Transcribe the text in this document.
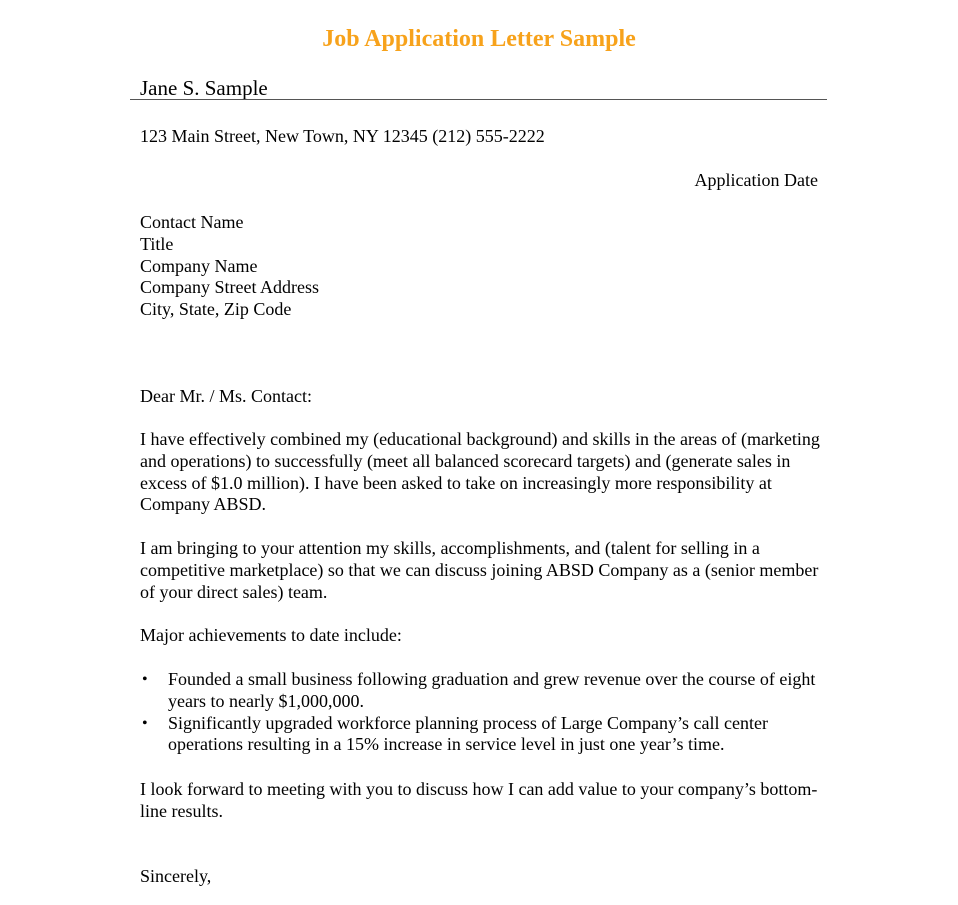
Job Application Letter Sample
Jane S. Sample

123 Main Street, New Town, NY 12345 (212) 555-2222

Application Date
Contact Name
Title
Company Name
Company Street Address
City, State, Zip Code

Dear Mr. / Ms. Contact:

I have effectively combined my (educational background) and skills in the areas of (marketing and operations) to successfully (meet all balanced scorecard targets) and (generate sales in excess of $1.0 million). I have been asked to take on increasingly more responsibility at Company ABSD.

I am bringing to your attention my skills, accomplishments, and (talent for selling in a competitive marketplace) so that we can discuss joining ABSD Company as a (senior member of your direct sales) team.

Major achievements to date include:

• Founded a small business following graduation and grew revenue over the course of eight years to nearly $1,000,000.
• Significantly upgraded workforce planning process of Large Company’s call center operations resulting in a 15% increase in service level in just one year’s time.

I look forward to meeting with you to discuss how I can add value to your company’s bottom-line results.

Sincerely,
